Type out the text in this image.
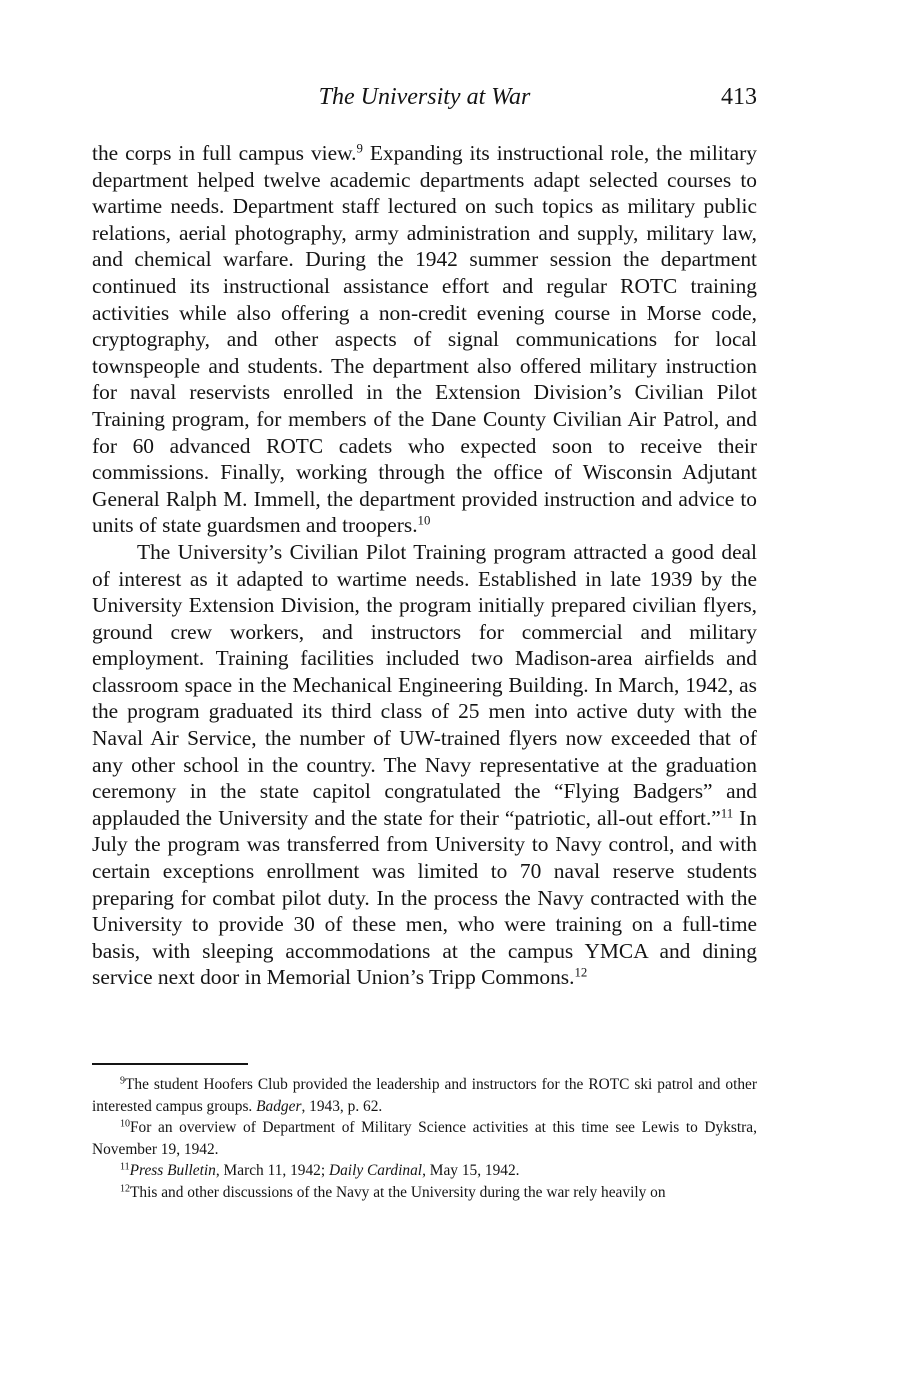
The University at War	413

the corps in full campus view.$^9$ Expanding its instructional role, the military department helped twelve academic departments adapt selected courses to wartime needs. Department staff lectured on such topics as military public relations, aerial photography, army administration and supply, military law, and chemical warfare. During the 1942 summer session the department continued its instructional assistance effort and regular ROTC training activities while also offering a non-credit evening course in Morse code, cryptography, and other aspects of signal communications for local townspeople and students. The department also offered military instruction for naval reservists enrolled in the Extension Division’s Civilian Pilot Training program, for members of the Dane County Civilian Air Patrol, and for 60 advanced ROTC cadets who expected soon to receive their commissions. Finally, working through the office of Wisconsin Adjutant General Ralph M. Immell, the department provided instruction and advice to units of state guardsmen and troopers.$^{10}$

The University’s Civilian Pilot Training program attracted a good deal of interest as it adapted to wartime needs. Established in late 1939 by the University Extension Division, the program initially prepared civilian flyers, ground crew workers, and instructors for commercial and military employment. Training facilities included two Madison-area airfields and classroom space in the Mechanical Engineering Building. In March, 1942, as the program graduated its third class of 25 men into active duty with the Naval Air Service, the number of UW-trained flyers now exceeded that of any other school in the country. The Navy representative at the graduation ceremony in the state capitol congratulated the “Flying Badgers” and applauded the University and the state for their “patriotic, all-out effort.”$^{11}$ In July the program was transferred from University to Navy control, and with certain exceptions enrollment was limited to 70 naval reserve students preparing for combat pilot duty. In the process the Navy contracted with the University to provide 30 of these men, who were training on a full-time basis, with sleeping accommodations at the campus YMCA and dining service next door in Memorial Union’s Tripp Commons.$^{12}$

$^9$The student Hoofers Club provided the leadership and instructors for the ROTC ski patrol and other interested campus groups. Badger, 1943, p. 62.

$^{10}$For an overview of Department of Military Science activities at this time see Lewis to Dykstra, November 19, 1942.

$^{11}$Press Bulletin, March 11, 1942; Daily Cardinal, May 15, 1942.

$^{12}$This and other discussions of the Navy at the University during the war rely heavily on
